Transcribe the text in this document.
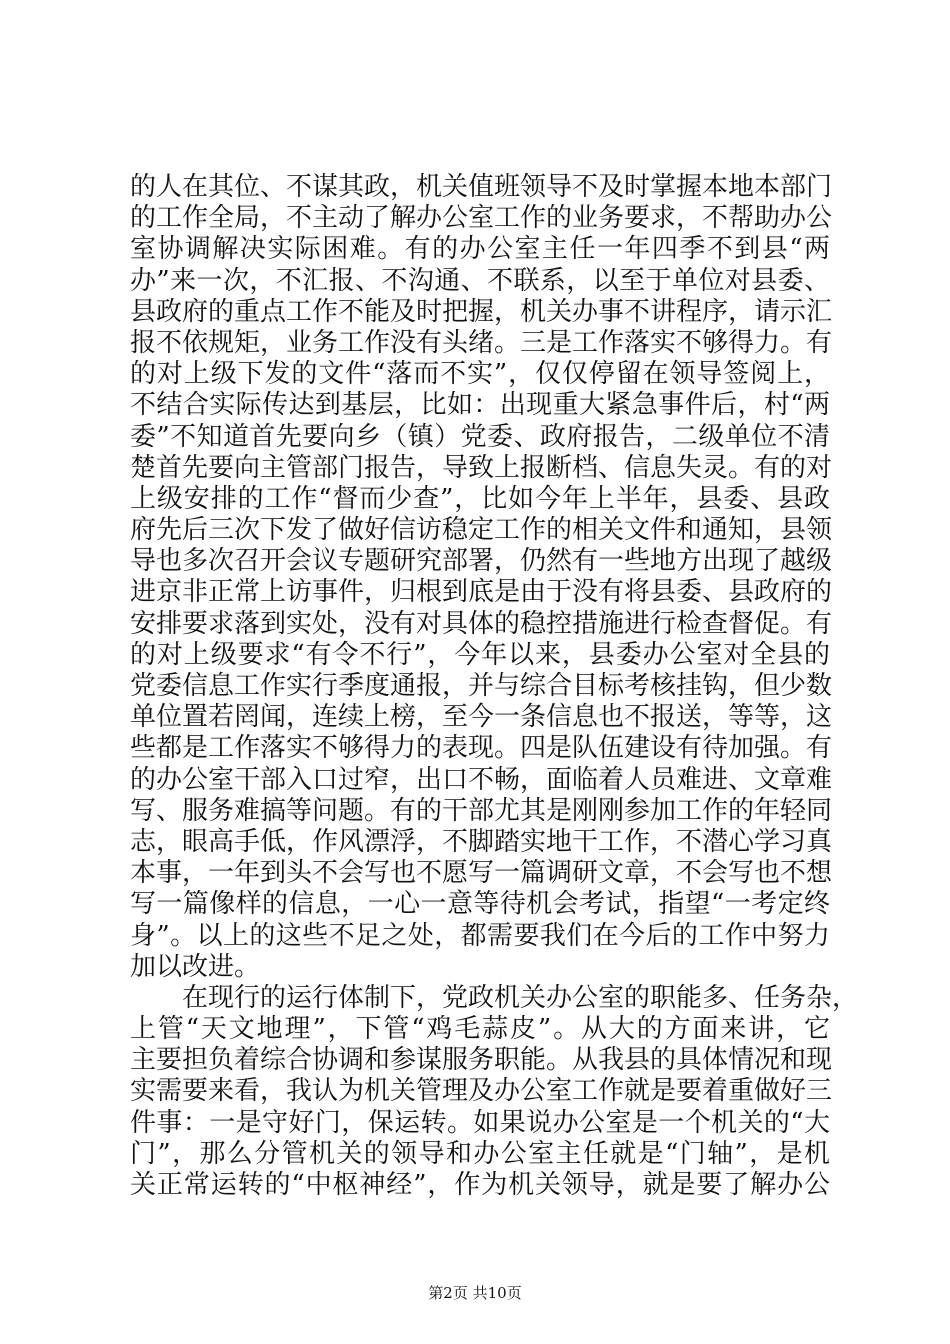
的人在其位、不谋其政，机关值班领导不及时掌握本地本部门
的工作全局，不主动了解办公室工作的业务要求，不帮助办公
室协调解决实际困难。有的办公室主任一年四季不到县“两
办”来一次，不汇报、不沟通、不联系，以至于单位对县委、
县政府的重点工作不能及时把握，机关办事不讲程序，请示汇
报不依规矩，业务工作没有头绪。三是工作落实不够得力。有
的对上级下发的文件“落而不实”，仅仅停留在领导签阅上，
不结合实际传达到基层，比如：出现重大紧急事件后，村“两
委”不知道首先要向乡（镇）党委、政府报告，二级单位不清
楚首先要向主管部门报告，导致上报断档、信息失灵。有的对
上级安排的工作“督而少查”，比如今年上半年，县委、县政
府先后三次下发了做好信访稳定工作的相关文件和通知，县领
导也多次召开会议专题研究部署，仍然有一些地方出现了越级
进京非正常上访事件，归根到底是由于没有将县委、县政府的
安排要求落到实处，没有对具体的稳控措施进行检查督促。有
的对上级要求“有令不行”，今年以来，县委办公室对全县的
党委信息工作实行季度通报，并与综合目标考核挂钩，但少数
单位置若罔闻，连续上榜，至今一条信息也不报送，等等，这
些都是工作落实不够得力的表现。四是队伍建设有待加强。有
的办公室干部入口过窄，出口不畅，面临着人员难进、文章难
写、服务难搞等问题。有的干部尤其是刚刚参加工作的年轻同
志，眼高手低，作风漂浮，不脚踏实地干工作，不潜心学习真
本事，一年到头不会写也不愿写一篇调研文章，不会写也不想
写一篇像样的信息，一心一意等待机会考试，指望“一考定终
身”。以上的这些不足之处，都需要我们在今后的工作中努力
加以改进。
在现行的运行体制下，党政机关办公室的职能多、任务杂，
上管“天文地理”，下管“鸡毛蒜皮”。从大的方面来讲，它
主要担负着综合协调和参谋服务职能。从我县的具体情况和现
实需要来看，我认为机关管理及办公室工作就是要着重做好三
件事：一是守好门，保运转。如果说办公室是一个机关的“大
门”，那么分管机关的领导和办公室主任就是“门轴”，是机
关正常运转的“中枢神经”，作为机关领导，就是要了解办公
第2页 共10页
